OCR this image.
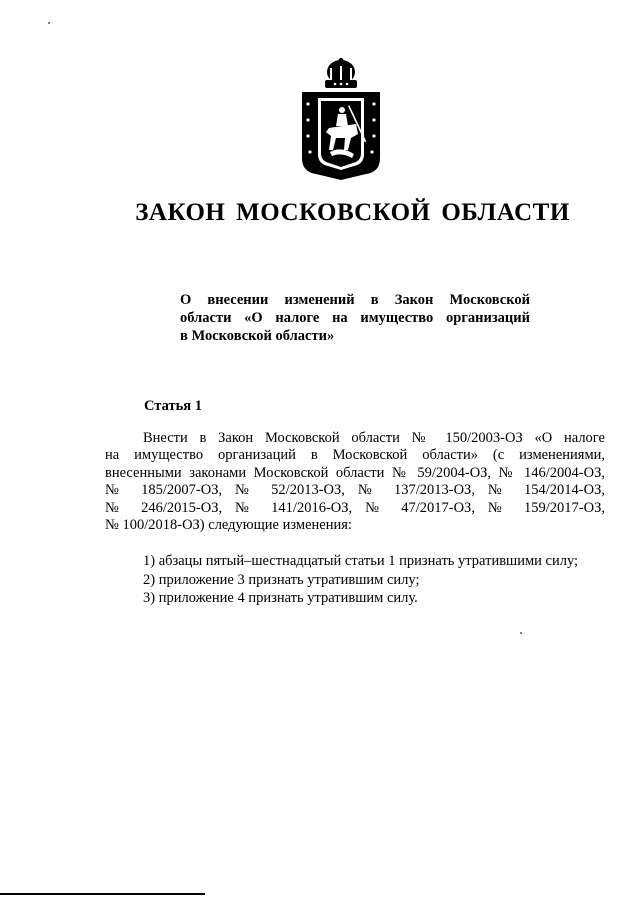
ЗАКОН МОСКОВСКОЙ ОБЛАСТИ
О внесении изменений в Закон Московской
области «О налоге на имущество организаций
в Московской области»
Статья 1
Внести в Закон Московской области № 150/2003-ОЗ «О налоге
на имущество организаций в Московской области» (с изменениями,
внесенными законами Московской области № 59/2004-ОЗ, № 146/2004-ОЗ,
№ 185/2007-ОЗ, № 52/2013-ОЗ, № 137/2013-ОЗ, № 154/2014-ОЗ,
№ 246/2015-ОЗ, № 141/2016-ОЗ, № 47/2017-ОЗ, № 159/2017-ОЗ,
№ 100/2018-ОЗ) следующие изменения:
1) абзацы пятый–шестнадцатый статьи 1 признать утратившими силу;
2) приложение 3 признать утратившим силу;
3) приложение 4 признать утратившим силу.
